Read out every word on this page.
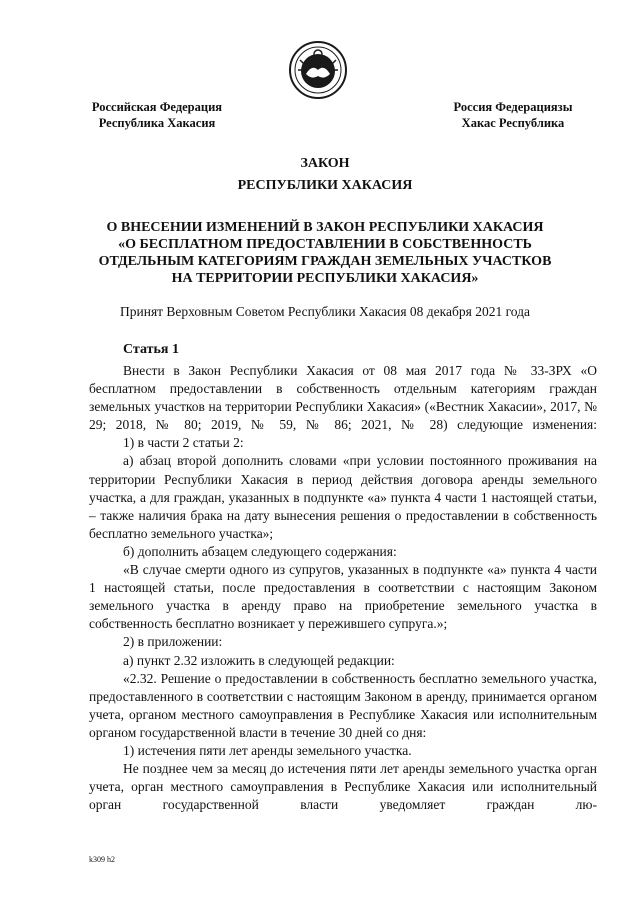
Российская Федерация
Республика Хакасия
Россия Федерациязы
Хакас Республика
ЗАКОН
РЕСПУБЛИКИ ХАКАСИЯ
О ВНЕСЕНИИ ИЗМЕНЕНИЙ В ЗАКОН РЕСПУБЛИКИ ХАКАСИЯ
«О БЕСПЛАТНОМ ПРЕДОСТАВЛЕНИИ В СОБСТВЕННОСТЬ
ОТДЕЛЬНЫМ КАТЕГОРИЯМ ГРАЖДАН ЗЕМЕЛЬНЫХ УЧАСТКОВ
НА ТЕРРИТОРИИ РЕСПУБЛИКИ ХАКАСИЯ»
Принят Верховным Советом Республики Хакасия 08 декабря 2021 года
Статья 1

Внести в Закон Республики Хакасия от 08 мая 2017 года № 33-ЗРХ «О бесплатном предоставлении в собственность отдельным категориям граждан земельных участков на территории Республики Хакасия» («Вестник Хакасии», 2017, № 29; 2018, № 80; 2019, № 59, № 86; 2021, № 28) следующие изменения:

1) в части 2 статьи 2:

а) абзац второй дополнить словами «при условии постоянного проживания на территории Республики Хакасия в период действия договора аренды земельного участка, а для граждан, указанных в подпункте «а» пункта 4 части 1 настоящей статьи, – также наличия брака на дату вынесения решения о предоставлении в собственность бесплатно земельного участка»;

б) дополнить абзацем следующего содержания:

«В случае смерти одного из супругов, указанных в подпункте «а» пункта 4 части 1 настоящей статьи, после предоставления в соответствии с настоящим Законом земельного участка в аренду право на приобретение земельного участка в собственность бесплатно возникает у пережившего супруга.»;

2) в приложении:

а) пункт 2.32 изложить в следующей редакции:

«2.32. Решение о предоставлении в собственность бесплатно земельного участка, предоставленного в соответствии с настоящим Законом в аренду, принимается органом учета, органом местного самоуправления в Республике Хакасия или исполнительным органом государственной власти в течение 30 дней со дня:

1) истечения пяти лет аренды земельного участка.

Не позднее чем за месяц до истечения пяти лет аренды земельного участка орган учета, орган местного самоуправления в Республике Хакасия или исполнительный орган государственной власти уведомляет граждан лю-

k309 h2
